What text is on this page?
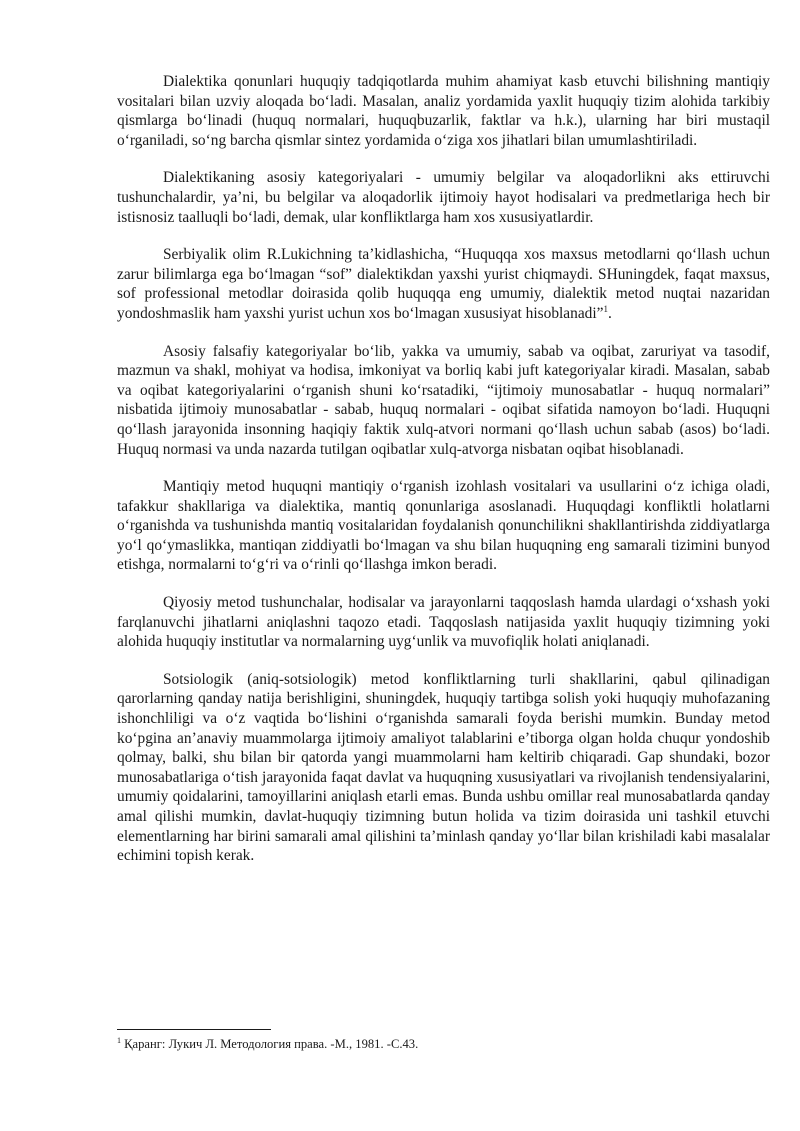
Dialektika qonunlari huquqiy tadqiqotlarda muhim ahamiyat kasb etuvchi bilishning mantiqiy vositalari bilan uzviy aloqada boʻladi. Masalan, analiz yordamida yaxlit huquqiy tizim alohida tarkibiy qismlarga boʻlinadi (huquq normalari, huquqbuzarlik, faktlar va h.k.), ularning har biri mustaqil oʻrganiladi, soʻng barcha qismlar sintez yordamida oʻziga xos jihatlari bilan umumlashtiriladi.

Dialektikaning asosiy kategoriyalari - umumiy belgilar va aloqadorlikni aks ettiruvchi tushunchalardir, yaʼni, bu belgilar va aloqadorlik ijtimoiy hayot hodisalari va predmetlariga hech bir istisnosiz taalluqli boʻladi, demak, ular konfliktlarga ham xos xususiyatlardir.

Serbiyalik olim R.Lukichning taʼkidlashicha, “Huquqqa xos maxsus metodlarni qoʻllash uchun zarur bilimlarga ega boʻlmagan “sof” dialektikdan yaxshi yurist chiqmaydi. SHuningdek, faqat maxsus, sof professional metodlar doirasida qolib huquqqa eng umumiy, dialektik metod nuqtai nazaridan yondoshmaslik ham yaxshi yurist uchun xos boʻlmagan xususiyat hisoblanadi”$^1$.

Asosiy falsafiy kategoriyalar boʻlib, yakka va umumiy, sabab va oqibat, zaruriyat va tasodif, mazmun va shakl, mohiyat va hodisa, imkoniyat va borliq kabi juft kategoriyalar kiradi. Masalan, sabab va oqibat kategoriyalarini oʻrganish shuni koʻrsatadiki, “ijtimoiy munosabatlar - huquq normalari” nisbatida ijtimoiy munosabatlar - sabab, huquq normalari - oqibat sifatida namoyon boʻladi. Huquqni qoʻllash jarayonida insonning haqiqiy faktik xulq-atvori normani qoʻllash uchun sabab (asos) boʻladi. Huquq normasi va unda nazarda tutilgan oqibatlar xulq-atvorga nisbatan oqibat hisoblanadi.

Mantiqiy metod huquqni mantiqiy oʻrganish izohlash vositalari va usullarini oʻz ichiga oladi, tafakkur shakllariga va dialektika, mantiq qonunlariga asoslanadi. Huquqdagi konfliktli holatlarni oʻrganishda va tushunishda mantiq vositalaridan foydalanish qonunchilikni shakllantirishda ziddiyatlarga yoʻl qoʻymaslikka, mantiqan ziddiyatli boʻlmagan va shu bilan huquqning eng samarali tizimini bunyod etishga, normalarni toʻgʻri va oʻrinli qoʻllashga imkon beradi.

Qiyosiy metod tushunchalar, hodisalar va jarayonlarni taqqoslash hamda ulardagi oʻxshash yoki farqlanuvchi jihatlarni aniqlashni taqozo etadi. Taqqoslash natijasida yaxlit huquqiy tizimning yoki alohida huquqiy institutlar va normalarning uygʻunlik va muvofiqlik holati aniqlanadi.

Sotsiologik (aniq-sotsiologik) metod konfliktlarning turli shakllarini, qabul qilinadigan qarorlarning qanday natija berishligini, shuningdek, huquqiy tartibga solish yoki huquqiy muhofazaning ishonchliligi va oʻz vaqtida boʻlishini oʻrganishda samarali foyda berishi mumkin. Bunday metod koʻpgina anʼanaviy muammolarga ijtimoiy amaliyot talablarini eʼtiborga olgan holda chuqur yondoshib qolmay, balki, shu bilan bir qatorda yangi muammolarni ham keltirib chiqaradi. Gap shundaki, bozor munosabatlariga oʻtish jarayonida faqat davlat va huquqning xususiyatlari va rivojlanish tendensiyalarini, umumiy qoidalarini, tamoyillarini aniqlash etarli emas. Bunda ushbu omillar real munosabatlarda qanday amal qilishi mumkin, davlat-huquqiy tizimning butun holida va tizim doirasida uni tashkil etuvchi elementlarning har birini samarali amal qilishini taʼminlash qanday yoʻllar bilan krishiladi kabi masalalar echimini topish kerak.

$^1$ Қаранг: Лукич Л. Методология права. -М., 1981. -С.43.
